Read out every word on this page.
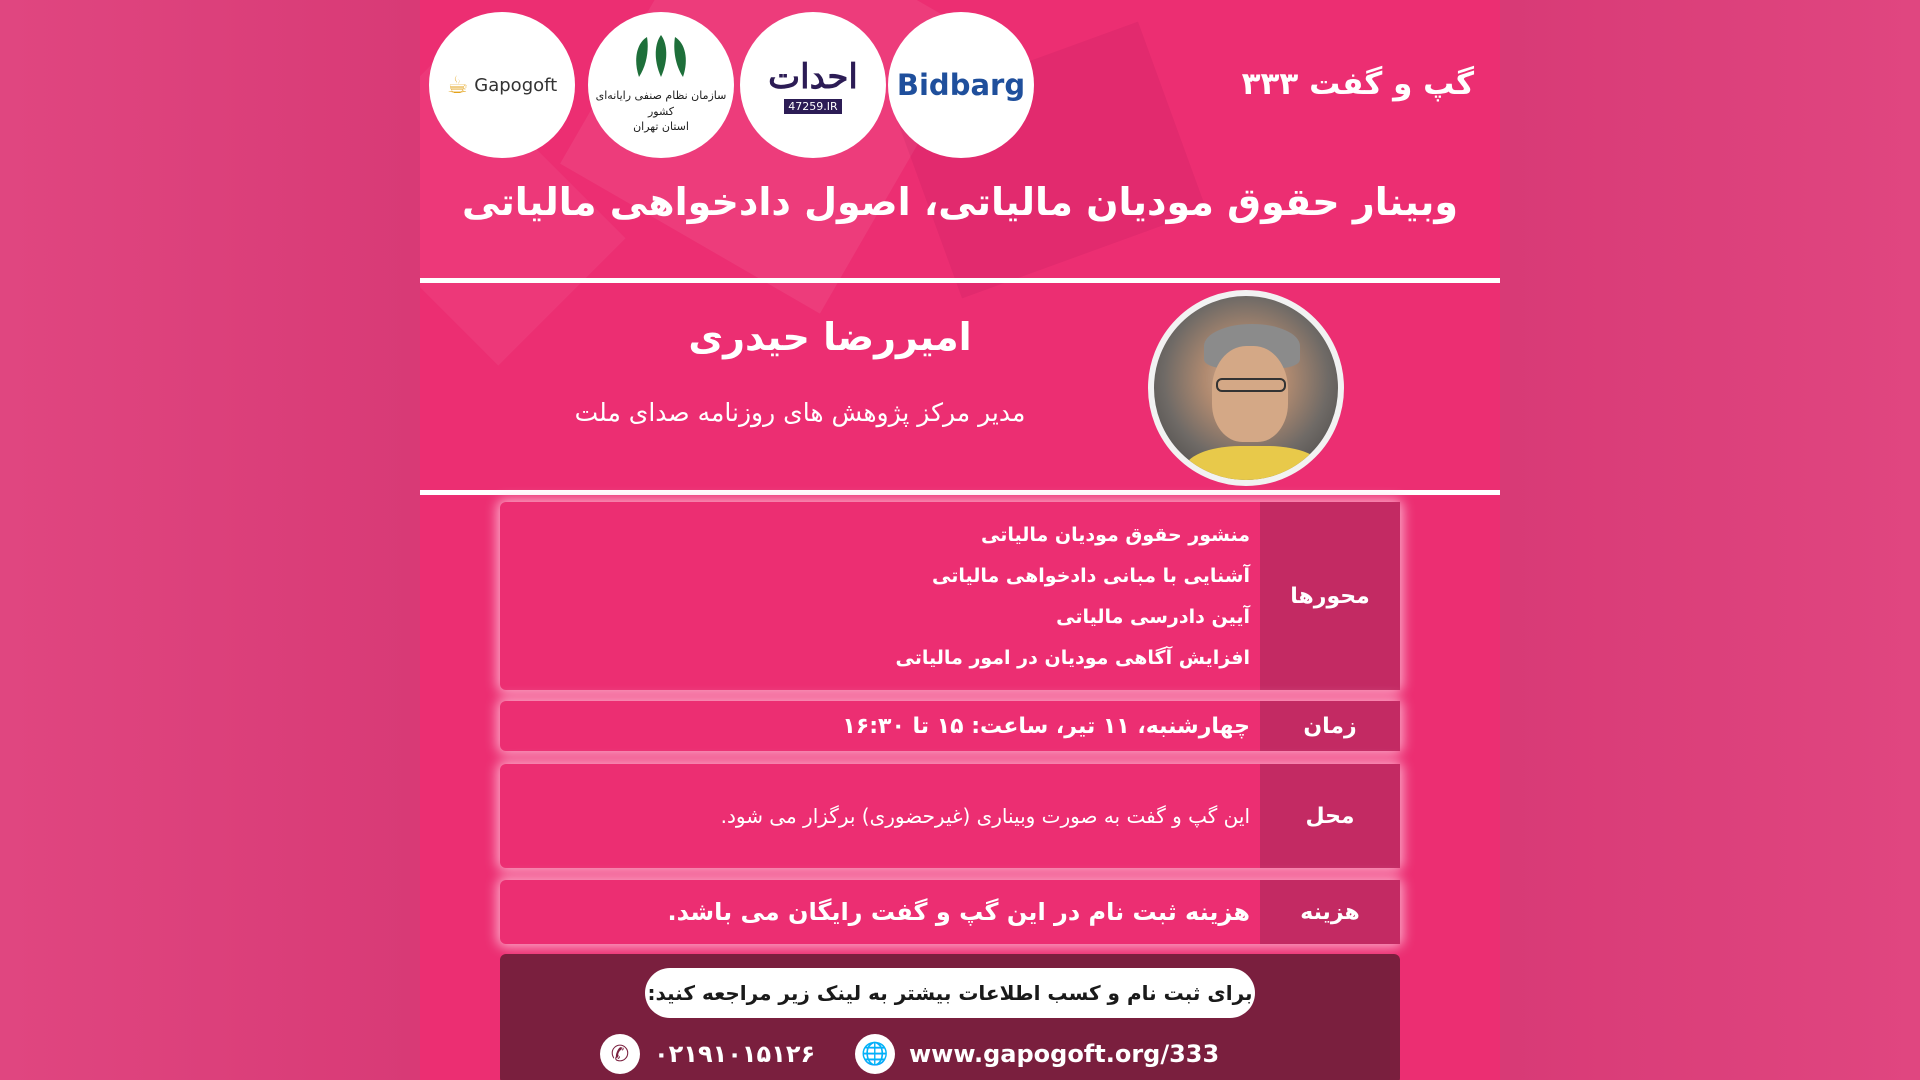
گپ و گفت ۳۳۳
Bidbarg
احدات
47259.IR
سازمان نظام صنفی رایانه‌ای کشور
استان تهران
☕ Gapogoft
وبینار حقوق مودیان مالیاتی، اصول دادخواهی مالیاتی
امیررضا حیدری
مدیر مرکز پژوهش های روزنامه صدای ملت
محورها
منشور حقوق مودیان مالیاتی
آشنایی با مبانی دادخواهی مالیاتی
آیین دادرسی مالیاتی
افزایش آگاهی مودیان در امور مالیاتی
زمان
چهارشنبه، ۱۱ تیر، ساعت: ۱۵ تا ۱۶:۳۰
محل
این گپ و گفت به صورت وبیناری (غیرحضوری) برگزار می شود.
هزینه
هزینه ثبت نام در این گپ و گفت رایگان می باشد.
برای ثبت نام و کسب اطلاعات بیشتر به لینک زیر مراجعه کنید:
🌐 www.gapogoft.org/333
✆	۰۲۱۹۱۰۱۵۱۲۶
